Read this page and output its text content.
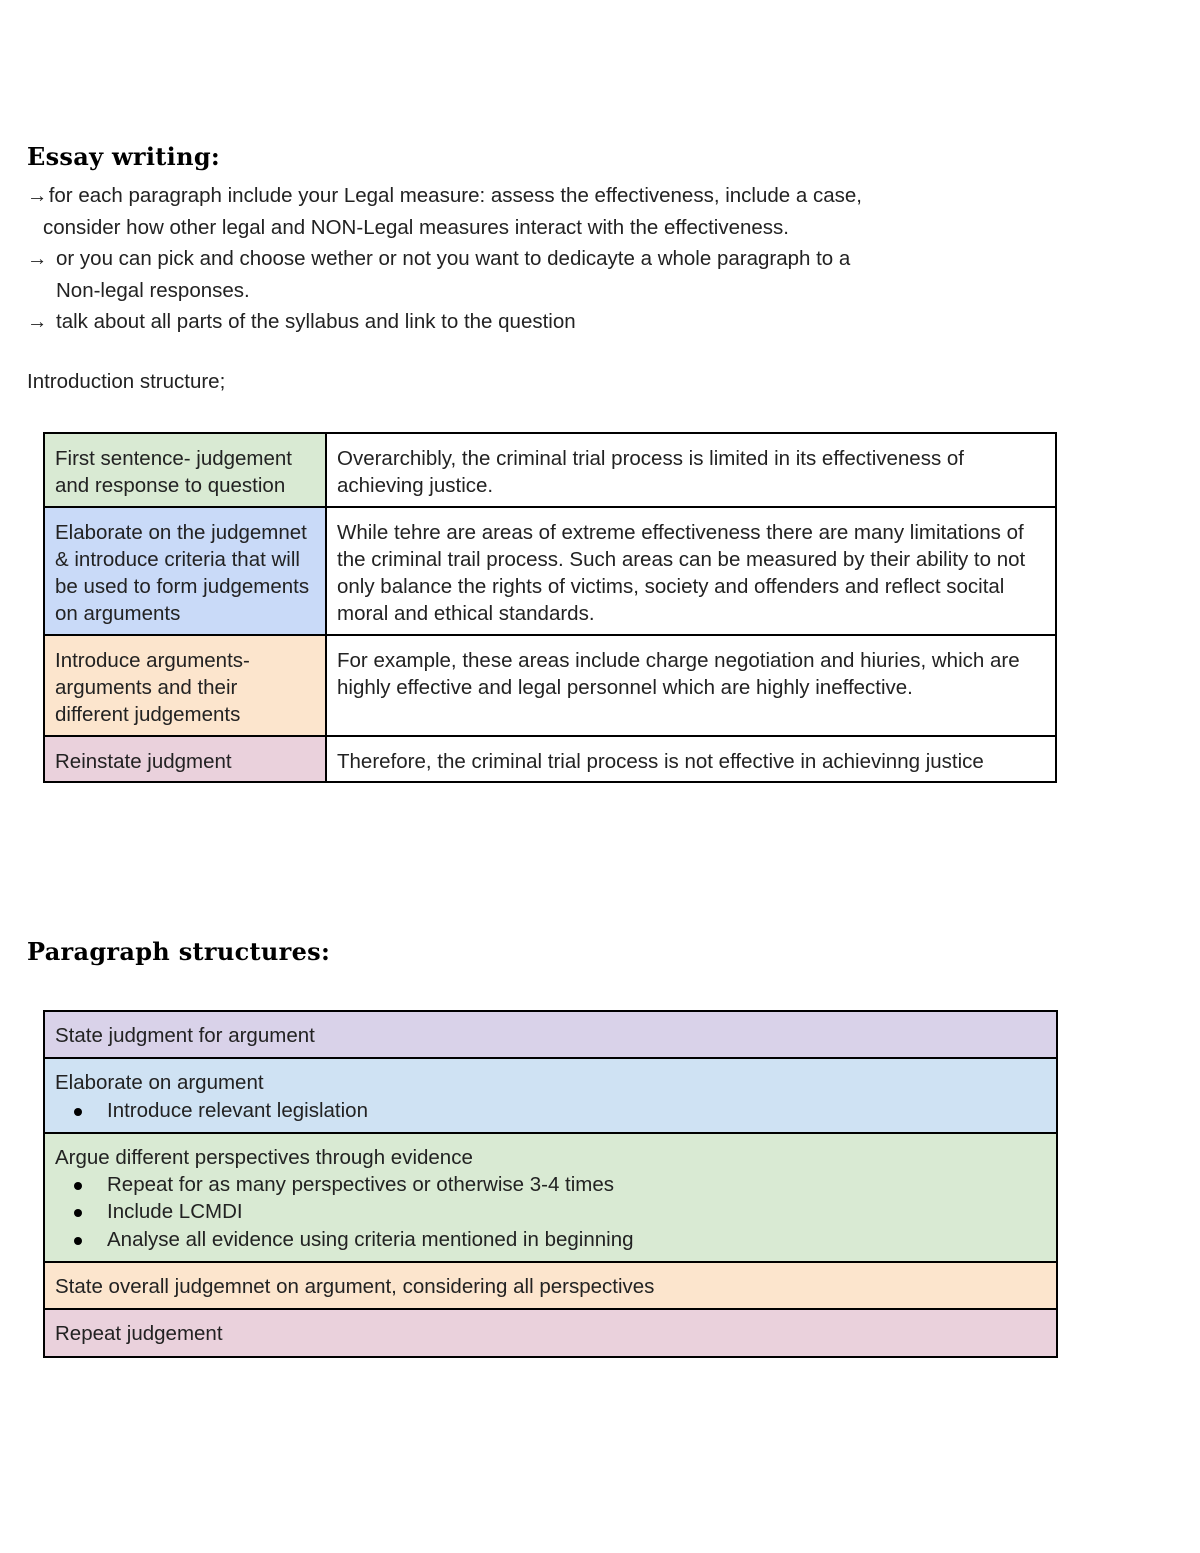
Essay writing:
→
for each paragraph include your Legal measure: assess the effectiveness, include a case,
consider how other legal and NON-Legal measures interact with the effectiveness.
→ or you can pick and choose wether or not you want to dedicayte a whole paragraph to a
Non-legal responses.
→ talk about all parts of the syllabus and link to the question
Introduction structure;
First sentence- judgement and response to question	Overarchibly, the criminal trial process is limited in its effectiveness of achieving justice.
Elaborate on the judgemnet & introduce criteria that will be used to form judgements on arguments	While tehre are areas of extreme effectiveness there are many limitations of the criminal trail process. Such areas can be measured by their ability to not only balance the rights of victims, society and offenders and reflect socital moral and ethical standards.
Introduce arguments- arguments and their different judgements	For example, these areas include charge negotiation and hiuries, which are highly effective and legal personnel which are highly ineffective.
Reinstate judgment	Therefore, the criminal trial process is not effective in achievinng justice
Paragraph structures:
State judgment for argument

Elaborate on argument
Introduce relevant legislation

Argue different perspectives through evidence
Repeat for as many perspectives or otherwise 3-4 times
Include LCMDI
Analyse all evidence using criteria mentioned in beginning

State overall judgemnet on argument, considering all perspectives

Repeat judgement
